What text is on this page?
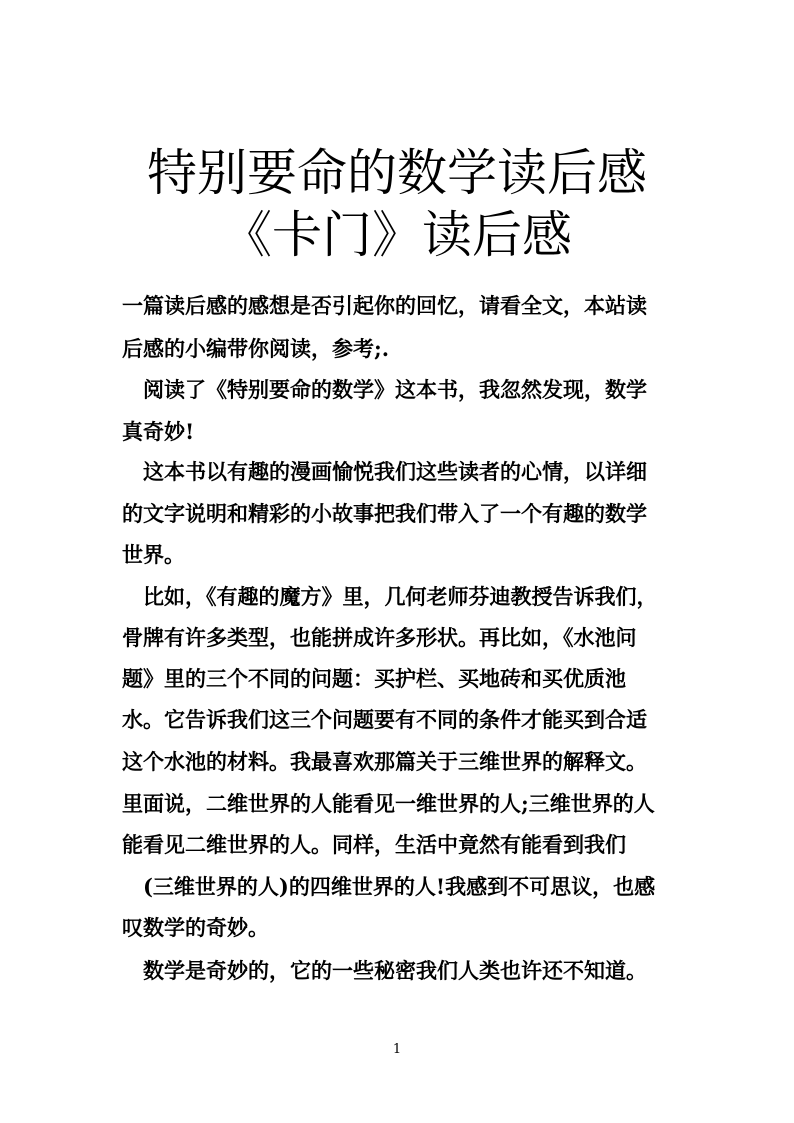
特别要命的数学读后感
《卡门》读后感

一篇读后感的感想是否引起你的回忆，请看全文，本站读

后感的小编带你阅读，参考;.

阅读了《特别要命的数学》这本书，我忽然发现，数学

真奇妙!

这本书以有趣的漫画愉悦我们这些读者的心情，以详细

的文字说明和精彩的小故事把我们带入了一个有趣的数学

世界。

比如，《有趣的魔方》里，几何老师芬迪教授告诉我们，

骨牌有许多类型，也能拼成许多形状。再比如，《水池问

题》里的三个不同的问题：买护栏、买地砖和买优质池

水。它告诉我们这三个问题要有不同的条件才能买到合适

这个水池的材料。我最喜欢那篇关于三维世界的解释文。

里面说，二维世界的人能看见一维世界的人;三维世界的人

能看见二维世界的人。同样，生活中竟然有能看到我们

(三维世界的人)的四维世界的人!我感到不可思议，也感

叹数学的奇妙。

数学是奇妙的，它的一些秘密我们人类也许还不知道。

1
